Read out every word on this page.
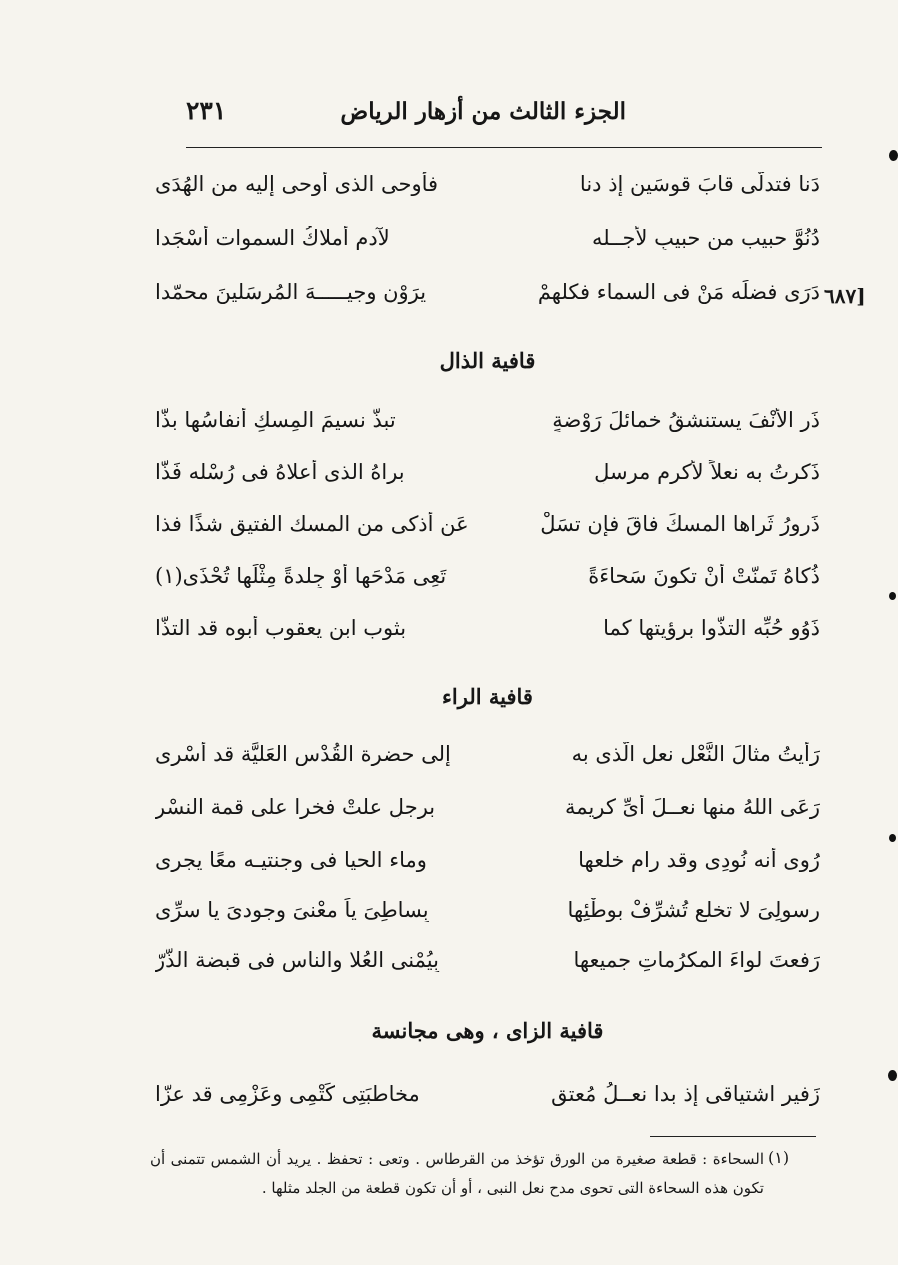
الجزء الثالث من أزهار الرياض
٢٣١
دَنا فتدلّى قابَ قوسَين إذ دنا
فأوحى الذى أوحى إليه من الهُدَى
دُنُوَّ حبيب من حبيبٍ لأجــله
لآدم أملاكُ السموات أسْجَدا
دَرَى فضلَه مَنْ فى السماء فكلهمْ
يرَوْن وجيـــــهَ المُرسَلينَ محمّدا	[٦٨٧
قافية الذال
ذَرِ الأنْفَ يستنشقُ خمائلَ رَوْضةٍ
تبذُّ نسيمَ المِسكِ أنفاسُها بذًّا
ذَكرتُ به نعلاً لأكرم مرسلٍ
براهُ الذى أعلاهُ فى رُسْله فَذّا
ذَرورُ ثَراها المسكَ فاقَ فإن تسَلْ
عَن أذكى من المسك الفتيقِ شذًا فذا
ذُكاهُ تَمنّتْ أنْ تكونَ سَحاءَةً
تَعِى مَدْحَها أوْ جِلدةً مِثْلَها تُحْذَى(١)
ذَوُو حُبِّه التذُّوا برؤيتها كما
بثوب ابن يعقوب أبوه قد التذَّا
قافية الراء
رَأيتُ مثالَ النَّعْلِ نعلِ الّذى به
إلى حضرة القُدْسِ العَليَّة قد أُسْرى
رَعَى اللهُ منها نعــلَ أىِّ كريمة
برجلٍ علتْ فخرا على قمة النسْر
رُوى أنه نُودِى وقد رام خلعها
وماء الحيا فى وجنتيـه معًا يجرى
رسولِىَ لا تخلع تُشرِّفْ بوطْئِها
بِساطِىَ ياَ معْنىَ وجودىَ يا سرِّى
رَفعتَ لواءَ المكرُماتِ جميعها
بِيُمْنى العُلا والناس فى قبضة الذَّرّ
قافية الزاى ، وهى مجانسة
زَفير اشتياقى إذ بدا نعــلُ مُعتقٍ
مخاطبَتِى كَتْمِى وعَزْمِى قد عزّا
(١)
السحاءة : قطعة صغيرة من الورق تؤخذ من القرطاس . وتعى : تحفظ . يريد أن الشمس تتمنى أن تكون هذه السحاءة التى تحوى مدح نعل النبى ، أو أن تكون قطعة من الجلد مثلها .
